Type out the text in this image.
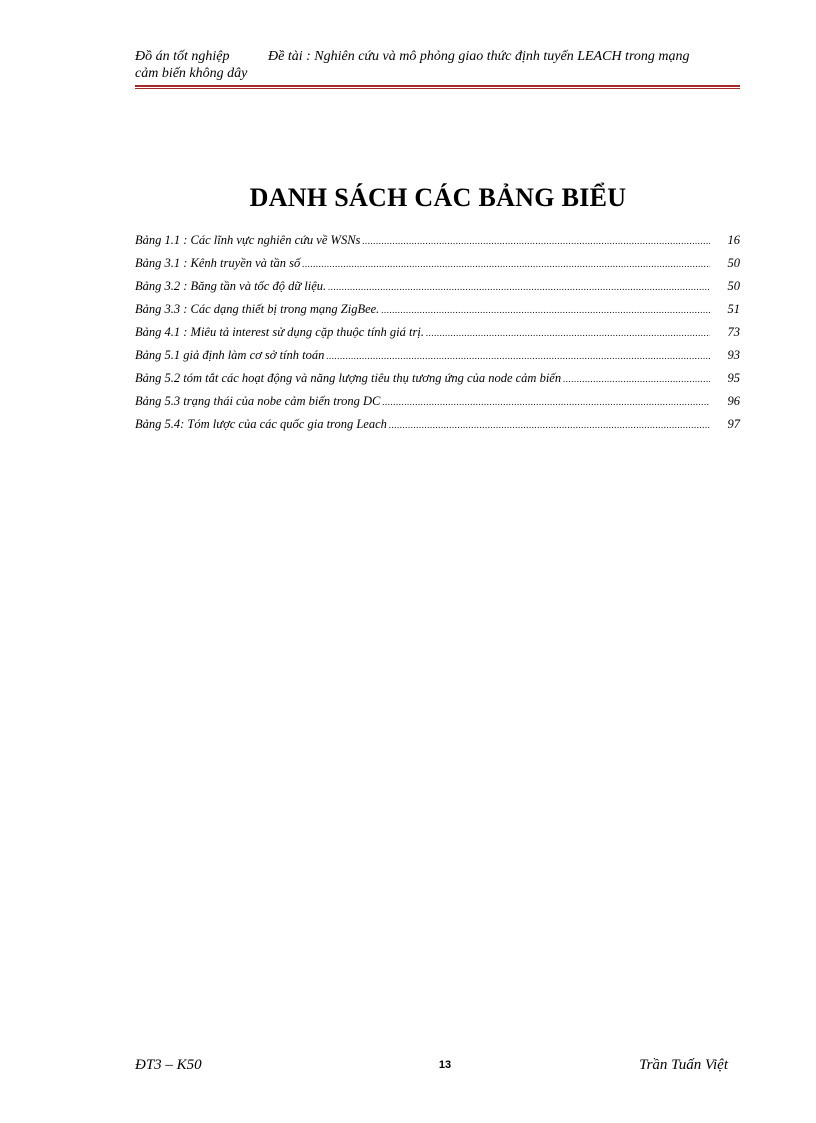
Đồ án tốt nghiệp	Đề tài : Nghiên cứu và mô phỏng giao thức định tuyến LEACH trong mạng
cảm biến không dây
DANH SÁCH CÁC BẢNG BIỂU
Bảng 1.1 : Các lĩnh vực nghiên cứu về WSNs .....	16
Bảng 3.1 : Kênh truyền và tần số .....	50
Bảng 3.2 : Băng tần và tốc độ dữ liệu. .....	50
Bảng 3.3 : Các dạng thiết bị trong mạng ZigBee. .....	51
Bảng 4.1 : Miêu tả interest sử dụng cặp thuộc tính giá trị. .....	73
Bảng 5.1 giả định làm cơ sở tính toán .....	93
Bảng 5.2 tóm tắt các hoạt động và năng lượng tiêu thụ tương ứng của node cảm biến .....	95
Bảng 5.3 trạng thái của nobe cảm biến trong DC .....	96
Bảng 5.4: Tóm lược của các quốc gia trong Leach .....	97
ĐT3 – K50	13	Trần Tuấn Việt
